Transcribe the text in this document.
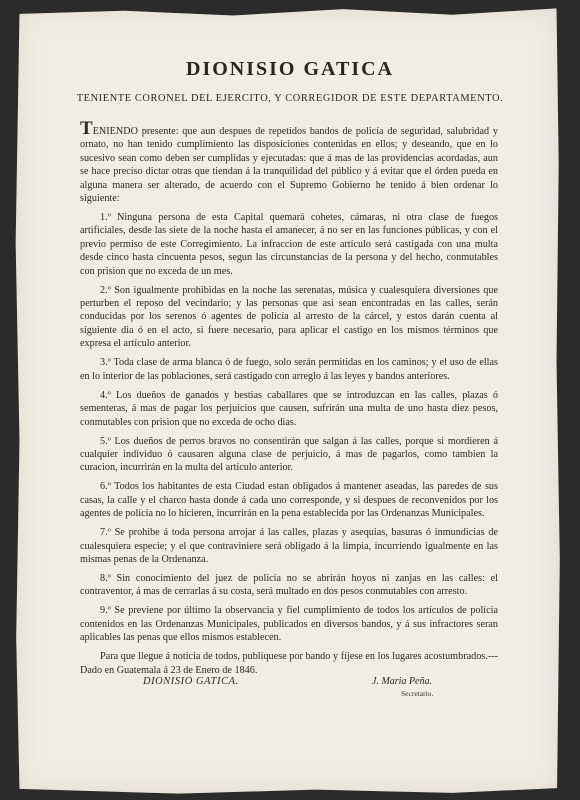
DIONISIO GATICA
TENIENTE CORONEL DEL EJERCITO, Y CORREGIDOR DE ESTE DEPARTAMENTO.

TENIENDO presente: que aun despues de repetidos bandos de policía de seguridad, salubridad y ornato, no han tenido cumplimiento las disposiciones contenidas en ellos; y deseando, que en lo sucesivo sean como deben ser cumplidas y ejecutadas: que á mas de las providencias acordadas, aun se hace preciso dictar otras que tiendan á la tranquilidad del público y á evitar que el órden pueda en alguna manera ser alterado, de acuerdo con el Supremo Gobierno he tenido á bien ordenar lo siguiente:

1.º Ninguna persona de esta Capital quemará cohetes, cámaras, ni otra clase de fuegos artificiales, desde las siete de la noche hasta el amanecer, á no ser en las funciones públicas, y con el previo permiso de este Corregimiento. La infraccion de este artículo será castigada con una multa desde cinco hasta cincuenta pesos, segun las circunstancias de la persona y del hecho, conmutables con prision que no exceda de un mes.

2.º Son igualmente prohibidas en la noche las serenatas, música y cualesquiera diversiones que perturben el reposo del vecindario; y las personas que asi sean encontradas en las calles, serán conducidas por los serenos ó agentes de policía al arresto de la cárcel, y estos darán cuenta al siguiente dia ó en el acto, si fuere necesario, para aplicar el castigo en los mismos términos que expresa el artículo anterior.

3.º Toda clase de arma blanca ó de fuego, solo serán permitidas en los caminos; y el uso de ellas en lo interior de las poblaciones, será castigado con arreglo á las leyes y bandos anteriores.

4.º Los dueños de ganados y bestias caballares que se introduzcan en las calles, plazas ó sementeras, á mas de pagar los perjuicios que causen, sufrirán una multa de uno hasta diez pesos, conmutables con prision que no exceda de ocho dias.

5.º Los dueños de perros bravos no consentirán que salgan á las calles, porque si mordieren á cualquier individuo ó causaren alguna clase de perjuicio, á mas de pagarlos, como tambien la curacion, incurrirán en la multa del artículo anterior.

6.º Todos los habitantes de esta Ciudad estan obligados á mantener aseadas, las paredes de sus casas, la calle y el charco hasta donde á cada uno corresponde, y si despues de reconvenidos por los agentes de policía no lo hicieren, incurrirán en la pena establecida por las Ordenanzas Municipales.

7.º Se prohibe á toda persona arrojar á las calles, plazas y asequias, basuras ó inmundicias de cualesquiera especie; y el que contraviniere será obligado á la limpia, incurriendo igualmente en las mismas penas de la Ordenanza.

8.º Sin conocimiento del juez de policía no se abrirán hoyos ni zanjas en las calles: el contraventor, á mas de cerrarlas á su costa, será multado en dos pesos conmutables con arresto.

9.º Se previene por último la observancia y fiel cumplimiento de todos los artículos de policía contenidos en las Ordenanzas Municipales, publicados en diversos bandos, y á sus infractores seran aplicables las penas que ellos mismos establecen.

Para que llegue á noticia de todos, publíquese por bando y fíjese en los lugares acostumbrados.---Dado en Guatemala á 23 de Enero de 1846.

DIONISIO GATICA.	J. Maria Peña.
Secretario.
